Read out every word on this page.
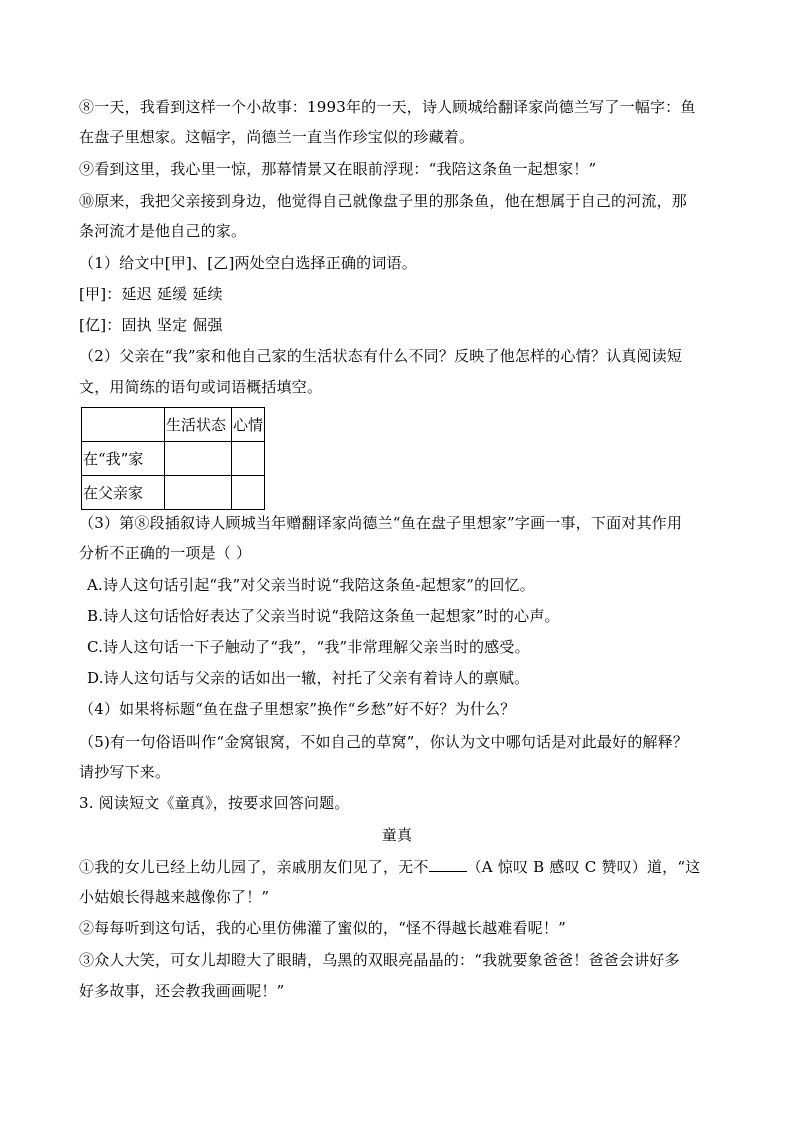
⑧一天，我看到这样一个小故事：1993年的一天，诗人顾城给翻译家尚德兰写了一幅字：鱼
在盘子里想家。这幅字，尚德兰一直当作珍宝似的珍藏着。
⑨看到这里，我心里一惊，那幕情景又在眼前浮现：“我陪这条鱼一起想家！”
⑩原来，我把父亲接到身边，他觉得自己就像盘子里的那条鱼，他在想属于自己的河流，那
条河流才是他自己的家。
（1）给文中[甲]、[乙]两处空白选择正确的词语。
[甲]：延迟 延缓 延续
[亿]：固执 坚定 倔强
（2）父亲在“我”家和他自己家的生活状态有什么不同？反映了他怎样的心情？认真阅读短
文，用简练的语句或词语概括填空。
	生活状态	心情
在“我”家		
在父亲家		
（3）第⑧段插叙诗人顾城当年赠翻译家尚德兰“鱼在盘子里想家”字画一事，下面对其作用
分析不正确的一项是（ ）
A.诗人这句话引起“我”对父亲当时说“我陪这条鱼-起想家”的回忆。
B.诗人这句话恰好表达了父亲当时说“我陪这条鱼一起想家”时的心声。
C.诗人这句话一下子触动了“我”，“我”非常理解父亲当时的感受。
D.诗人这句话与父亲的话如出一辙，衬托了父亲有着诗人的禀赋。
（4）如果将标题“鱼在盘子里想家”换作“乡愁”好不好？为什么？
（5)有一句俗语叫作“金窝银窝，不如自己的草窝”，你认为文中哪句话是对此最好的解释？
请抄写下来。
3. 阅读短文《童真》，按要求回答问题。
童真
①我的女儿已经上幼儿园了，亲戚朋友们见了，无不	（A 惊叹 B 感叹 C 赞叹）道，“这
小姑娘长得越来越像你了！”
②每每听到这句话，我的心里仿佛灌了蜜似的，“怪不得越长越难看呢！”
③众人大笑，可女儿却瞪大了眼睛，乌黑的双眼亮晶晶的：“我就要象爸爸！爸爸会讲好多
好多故事，还会教我画画呢！”
